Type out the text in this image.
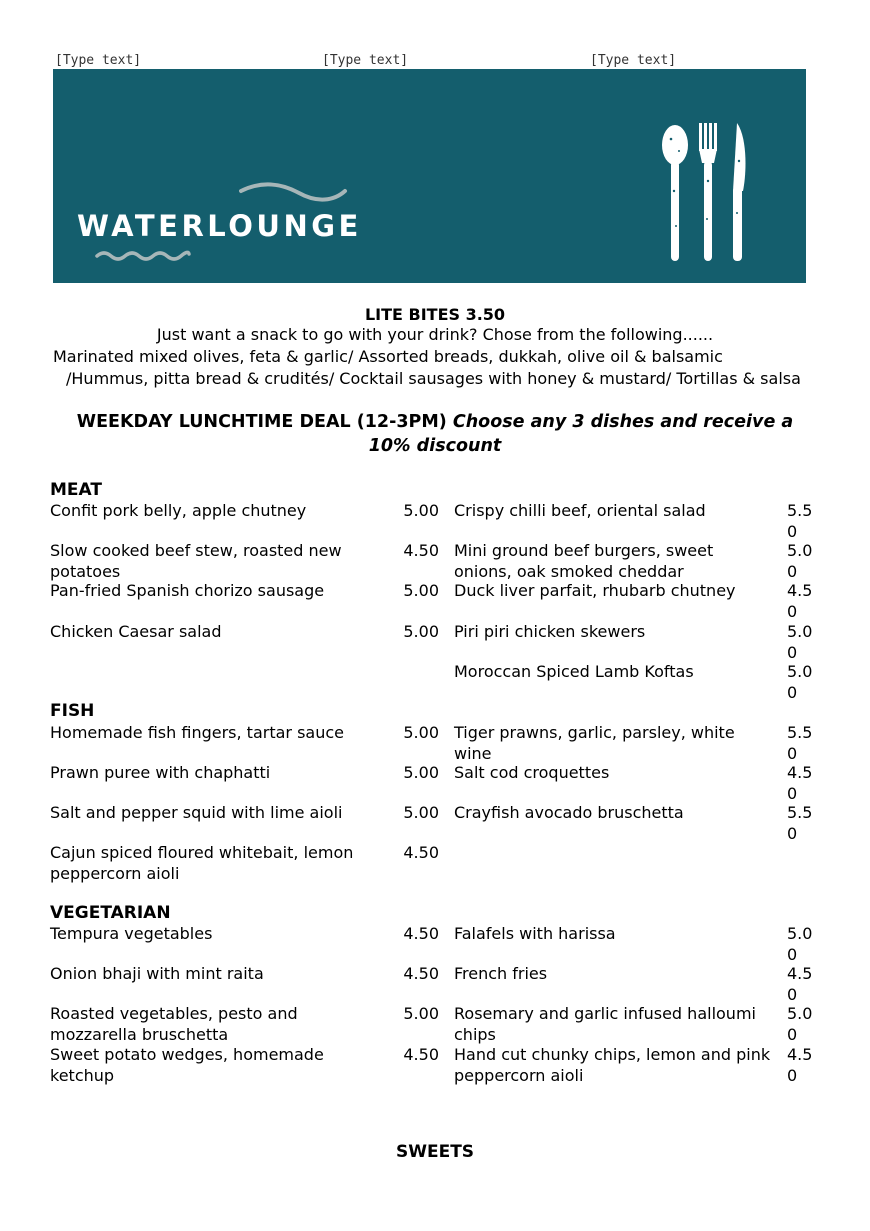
[Type text]	[Type text]	[Type text]
WATERLOUNGE
LITE BITES 3.50
Just want a snack to go with your drink? Chose from the following......
Marinated mixed olives, feta & garlic/ Assorted breads, dukkah, olive oil & balsamic
/Hummus, pitta bread & crudités/ Cocktail sausages with honey & mustard/ Tortillas & salsa
WEEKDAY LUNCHTIME DEAL (12-3PM) Choose any 3 dishes and receive a 10% discount
MEAT
Confit pork belly, apple chutney	5.00
Slow cooked beef stew, roasted new potatoes
4.50
Pan-fried Spanish chorizo sausage	5.00
Chicken Caesar salad	5.00
Crispy chilli beef, oriental salad	5.50
Mini ground beef burgers, sweet onions, oak smoked cheddar
5.00
Duck liver parfait, rhubarb chutney	4.50
Piri piri chicken skewers	5.00
Moroccan Spiced Lamb Koftas	5.00
FISH
Homemade fish fingers, tartar sauce	5.00
Prawn puree with chaphatti	5.00
Salt and pepper squid with lime aioli	5.00
Cajun spiced floured whitebait, lemon peppercorn aioli
4.50
Tiger prawns, garlic, parsley, white wine
5.50
Salt cod croquettes	4.50
Crayfish avocado bruschetta	5.50
VEGETARIAN
Tempura vegetables	4.50
Onion bhaji with mint raita	4.50
Roasted vegetables, pesto and mozzarella bruschetta
5.00
Sweet potato wedges, homemade ketchup
4.50
Falafels with harissa	5.00
French fries	4.50
Rosemary and garlic infused halloumi chips
5.00
Hand cut chunky chips, lemon and pink peppercorn aioli
4.50
SWEETS
